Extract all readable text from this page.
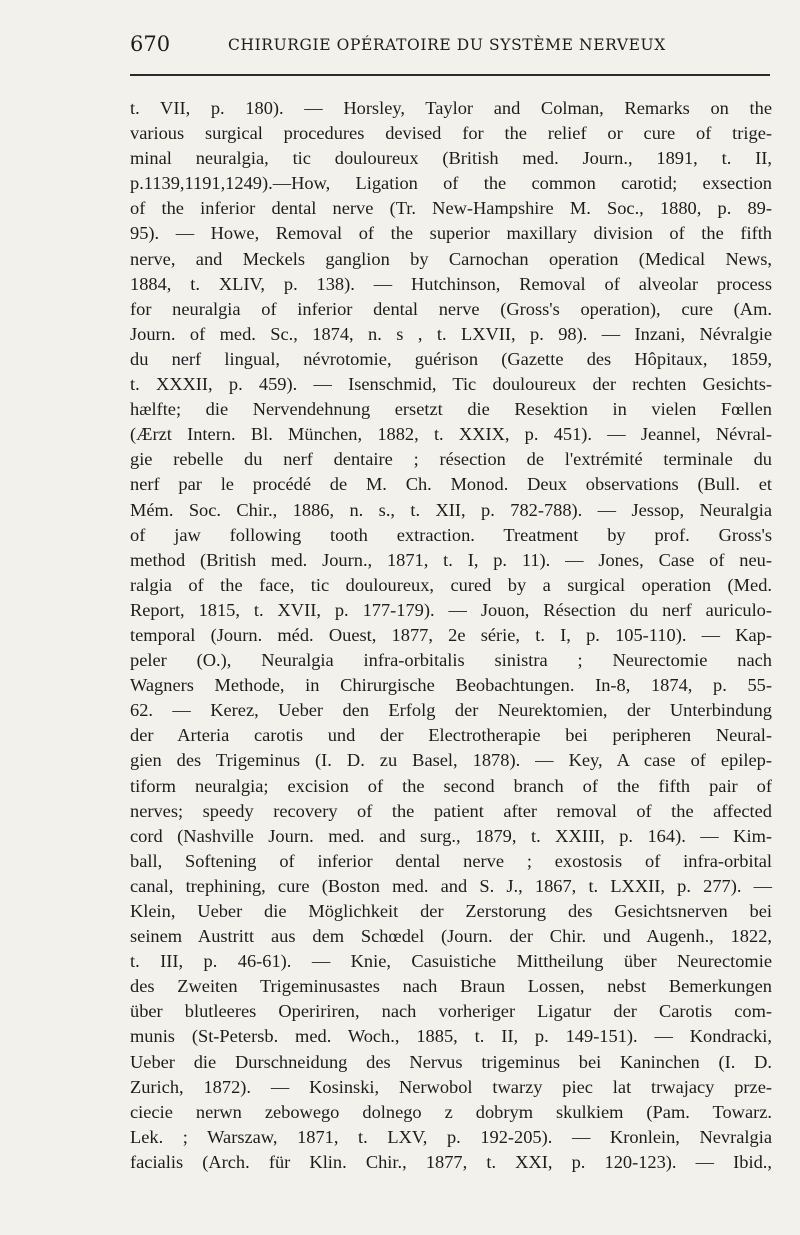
670	CHIRURGIE OPÉRATOIRE DU SYSTÈME NERVEUX
t. VII, p. 180). — Horsley, Taylor and Colman, Remarks on the
various surgical procedures devised for the relief or cure of trige-
minal neuralgia, tic douloureux (British med. Journ., 1891, t. II,
p.1139,1191,1249).—How, Ligation of the common carotid; exsection
of the inferior dental nerve (Tr. New-Hampshire M. Soc., 1880, p. 89-
95). — Howe, Removal of the superior maxillary division of the fifth
nerve, and Meckels ganglion by Carnochan operation (Medical News,
1884, t. XLIV, p. 138). — Hutchinson, Removal of alveolar process
for neuralgia of inferior dental nerve (Gross's operation), cure (Am.
Journ. of med. Sc., 1874, n. s , t. LXVII, p. 98). — Inzani, Névralgie
du nerf lingual, névrotomie, guérison (Gazette des Hôpitaux, 1859,
t. XXXII, p. 459). — Isenschmid, Tic douloureux der rechten Gesichts-
hælfte; die Nervendehnung ersetzt die Resektion in vielen Fœllen
(Ærzt Intern. Bl. München, 1882, t. XXIX, p. 451). — Jeannel, Névral-
gie rebelle du nerf dentaire ; résection de l'extrémité terminale du
nerf par le procédé de M. Ch. Monod. Deux observations (Bull. et
Mém. Soc. Chir., 1886, n. s., t. XII, p. 782-788). — Jessop, Neuralgia
of jaw following tooth extraction. Treatment by prof. Gross's
method (British med. Journ., 1871, t. I, p. 11). — Jones, Case of neu-
ralgia of the face, tic douloureux, cured by a surgical operation (Med.
Report, 1815, t. XVII, p. 177-179). — Jouon, Résection du nerf auriculo-
temporal (Journ. méd. Ouest, 1877, 2e série, t. I, p. 105-110). — Kap-
peler (O.), Neuralgia infra-orbitalis sinistra ; Neurectomie nach
Wagners Methode, in Chirurgische Beobachtungen. In-8, 1874, p. 55-
62. — Kerez, Ueber den Erfolg der Neurektomien, der Unterbindung
der Arteria carotis und der Electrotherapie bei peripheren Neural-
gien des Trigeminus (I. D. zu Basel, 1878). — Key, A case of epilep-
tiform neuralgia; excision of the second branch of the fifth pair of
nerves; speedy recovery of the patient after removal of the affected
cord (Nashville Journ. med. and surg., 1879, t. XXIII, p. 164). — Kim-
ball, Softening of inferior dental nerve ; exostosis of infra-orbital
canal, trephining, cure (Boston med. and S. J., 1867, t. LXXII, p. 277). —
Klein, Ueber die Möglichkeit der Zerstorung des Gesichtsnerven bei
seinem Austritt aus dem Schœdel (Journ. der Chir. und Augenh., 1822,
t. III, p. 46-61). — Knie, Casuistiche Mittheilung über Neurectomie
des Zweiten Trigeminusastes nach Braun Lossen, nebst Bemerkungen
über blutleeres Opeririren, nach vorheriger Ligatur der Carotis com-
munis (St-Petersb. med. Woch., 1885, t. II, p. 149-151). — Kondracki,
Ueber die Durschneidung des Nervus trigeminus bei Kaninchen (I. D.
Zurich, 1872). — Kosinski, Nerwobol twarzy piec lat trwajacy prze-
ciecie nerwn zebowego dolnego z dobrym skulkiem (Pam. Towarz.
Lek. ; Warszaw, 1871, t. LXV, p. 192-205). — Kronlein, Nevralgia
facialis (Arch. für Klin. Chir., 1877, t. XXI, p. 120-123). — Ibid.,
